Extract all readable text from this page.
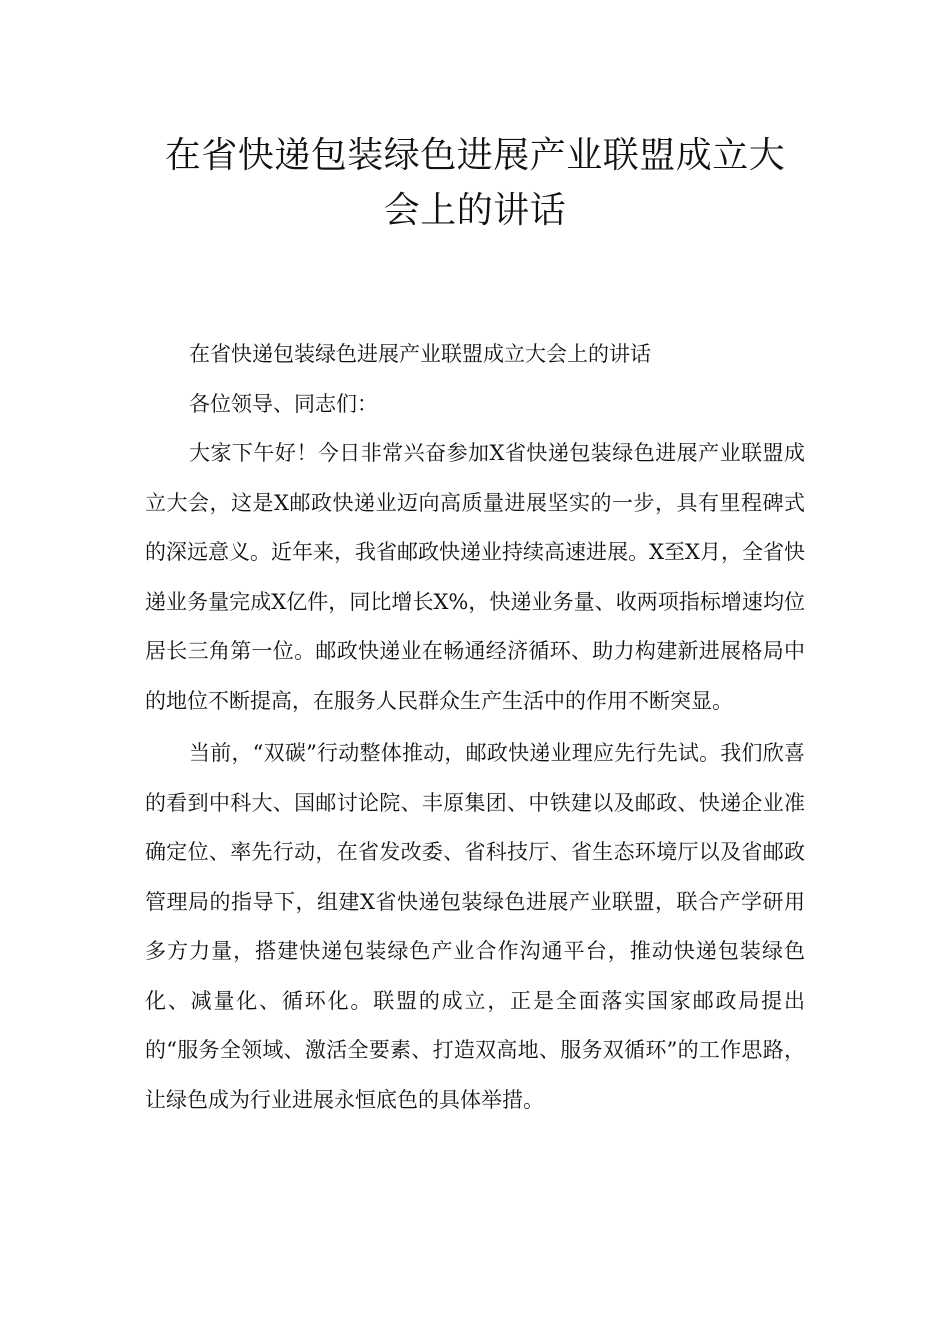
在省快递包装绿色进展产业联盟成立大
会上的讲话

在省快递包装绿色进展产业联盟成立大会上的讲话

各位领导、同志们：

大家下午好！今日非常兴奋参加X省快递包装绿色进展产业联盟成立大会，这是X邮政快递业迈向高质量进展坚实的一步，具有里程碑式的深远意义。近年来，我省邮政快递业持续高速进展。X至X月，全省快递业务量完成X亿件，同比增长X%，快递业务量、收两项指标增速均位居长三角第一位。邮政快递业在畅通经济循环、助力构建新进展格局中的地位不断提高，在服务人民群众生产生活中的作用不断突显。

当前，“双碳”行动整体推动，邮政快递业理应先行先试。我们欣喜的看到中科大、国邮讨论院、丰原集团、中铁建以及邮政、快递企业准确定位、率先行动，在省发改委、省科技厅、省生态环境厅以及省邮政管理局的指导下，组建X省快递包装绿色进展产业联盟，联合产学研用多方力量，搭建快递包装绿色产业合作沟通平台，推动快递包装绿色化、减量化、循环化。联盟的成立，正是全面落实国家邮政局提出的“服务全领域、激活全要素、打造双高地、服务双循环”的工作思路，让绿色成为行业进展永恒底色的具体举措。
